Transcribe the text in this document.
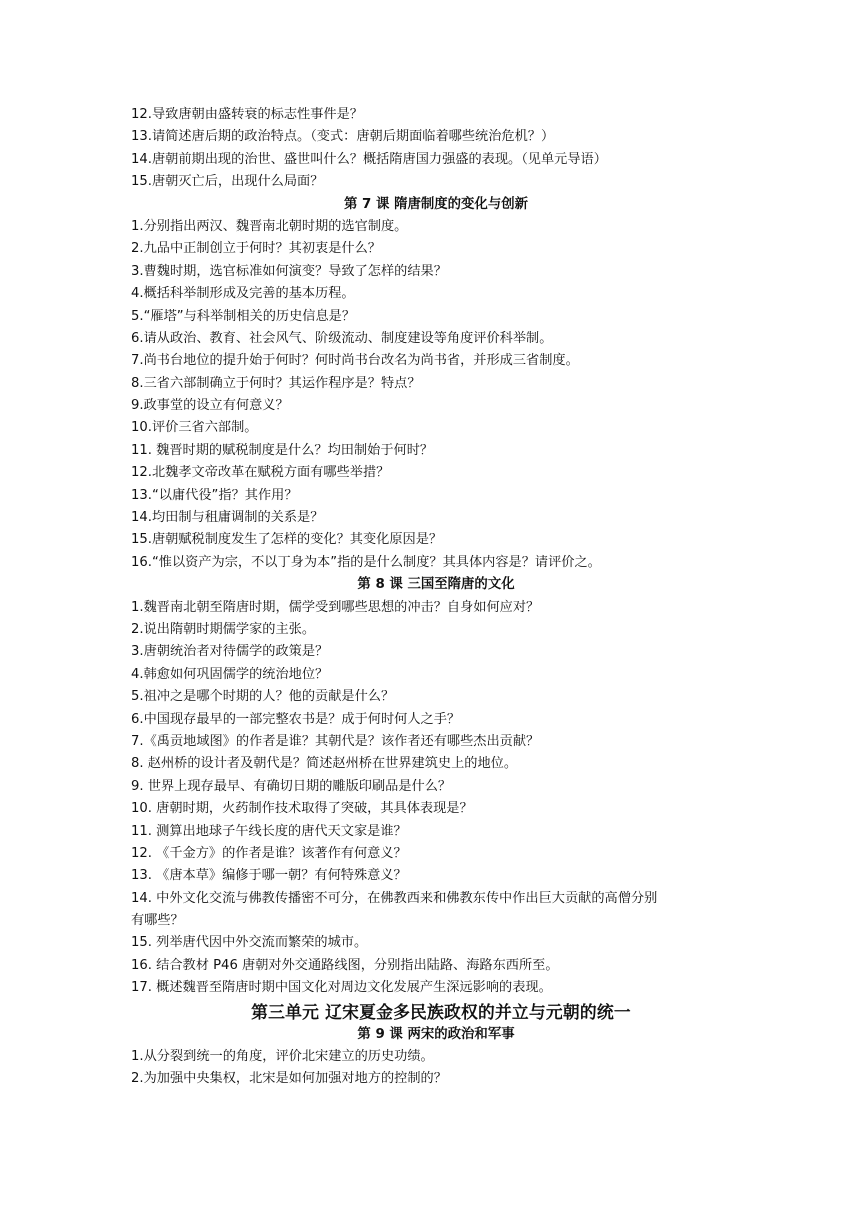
12.导致唐朝由盛转衰的标志性事件是？
13.请简述唐后期的政治特点。（变式：唐朝后期面临着哪些统治危机？）
14.唐朝前期出现的治世、盛世叫什么？概括隋唐国力强盛的表现。（见单元导语）
15.唐朝灭亡后，出现什么局面？
第 7 课 隋唐制度的变化与创新
1.分别指出两汉、魏晋南北朝时期的选官制度。
2.九品中正制创立于何时？其初衷是什么？
3.曹魏时期，选官标准如何演变？导致了怎样的结果？
4.概括科举制形成及完善的基本历程。
5.“雁塔”与科举制相关的历史信息是？
6.请从政治、教育、社会风气、阶级流动、制度建设等角度评价科举制。
7.尚书台地位的提升始于何时？何时尚书台改名为尚书省，并形成三省制度。
8.三省六部制确立于何时？其运作程序是？特点？
9.政事堂的设立有何意义？
10.评价三省六部制。
11. 魏晋时期的赋税制度是什么？均田制始于何时？
12.北魏孝文帝改革在赋税方面有哪些举措？
13.“以庸代役”指？其作用？
14.均田制与租庸调制的关系是？
15.唐朝赋税制度发生了怎样的变化？其变化原因是？
16.“惟以资产为宗，不以丁身为本”指的是什么制度？其具体内容是？请评价之。
第 8 课 三国至隋唐的文化
1.魏晋南北朝至隋唐时期，儒学受到哪些思想的冲击？自身如何应对？
2.说出隋朝时期儒学家的主张。
3.唐朝统治者对待儒学的政策是？
4.韩愈如何巩固儒学的统治地位？
5.祖冲之是哪个时期的人？他的贡献是什么？
6.中国现存最早的一部完整农书是？成于何时何人之手？
7.《禹贡地域图》的作者是谁？其朝代是？该作者还有哪些杰出贡献？
8. 赵州桥的设计者及朝代是？简述赵州桥在世界建筑史上的地位。
9. 世界上现存最早、有确切日期的雕版印刷品是什么？
10. 唐朝时期，火药制作技术取得了突破，其具体表现是？
11. 测算出地球子午线长度的唐代天文家是谁？
12. 《千金方》的作者是谁？该著作有何意义？
13. 《唐本草》编修于哪一朝？有何特殊意义？
14. 中外文化交流与佛教传播密不可分，在佛教西来和佛教东传中作出巨大贡献的高僧分别
有哪些？
15. 列举唐代因中外交流而繁荣的城市。
16. 结合教材 P46 唐朝对外交通路线图，分别指出陆路、海路东西所至。
17. 概述魏晋至隋唐时期中国文化对周边文化发展产生深远影响的表现。
第三单元 辽宋夏金多民族政权的并立与元朝的统一
第 9 课 两宋的政治和军事
1.从分裂到统一的角度，评价北宋建立的历史功绩。
2.为加强中央集权，北宋是如何加强对地方的控制的？
